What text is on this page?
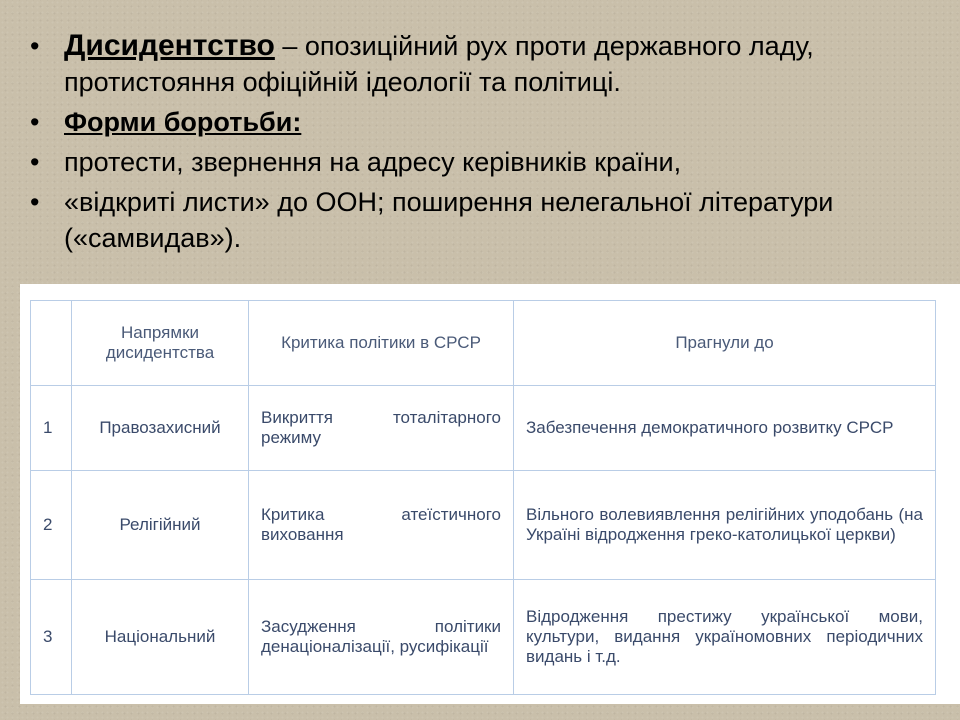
• Дисидентство – опозиційний рух проти державного ладу, протистояння офіційній ідеології та політиці.
• Форми боротьби:
• протести, звернення на адресу керівників країни,
• «відкриті листи» до ООН; поширення нелегальної літератури («самвидав»).
	Напрямки дисидентства	Критика політики в СРСР	Прагнули до
1	Правозахисний	Викриття тоталітарного режиму	Забезпечення демократичного розвитку СРСР
2	Релігійний	Критика атеїстичного виховання	Вільного волевиявлення релігійних уподобань (на Україні відродження греко-католицької церкви)
3	Національний	Засудження політики денаціоналізації, русифікації	Відродження престижу української мови, культури, видання україномовних періодичних видань і т.д.
